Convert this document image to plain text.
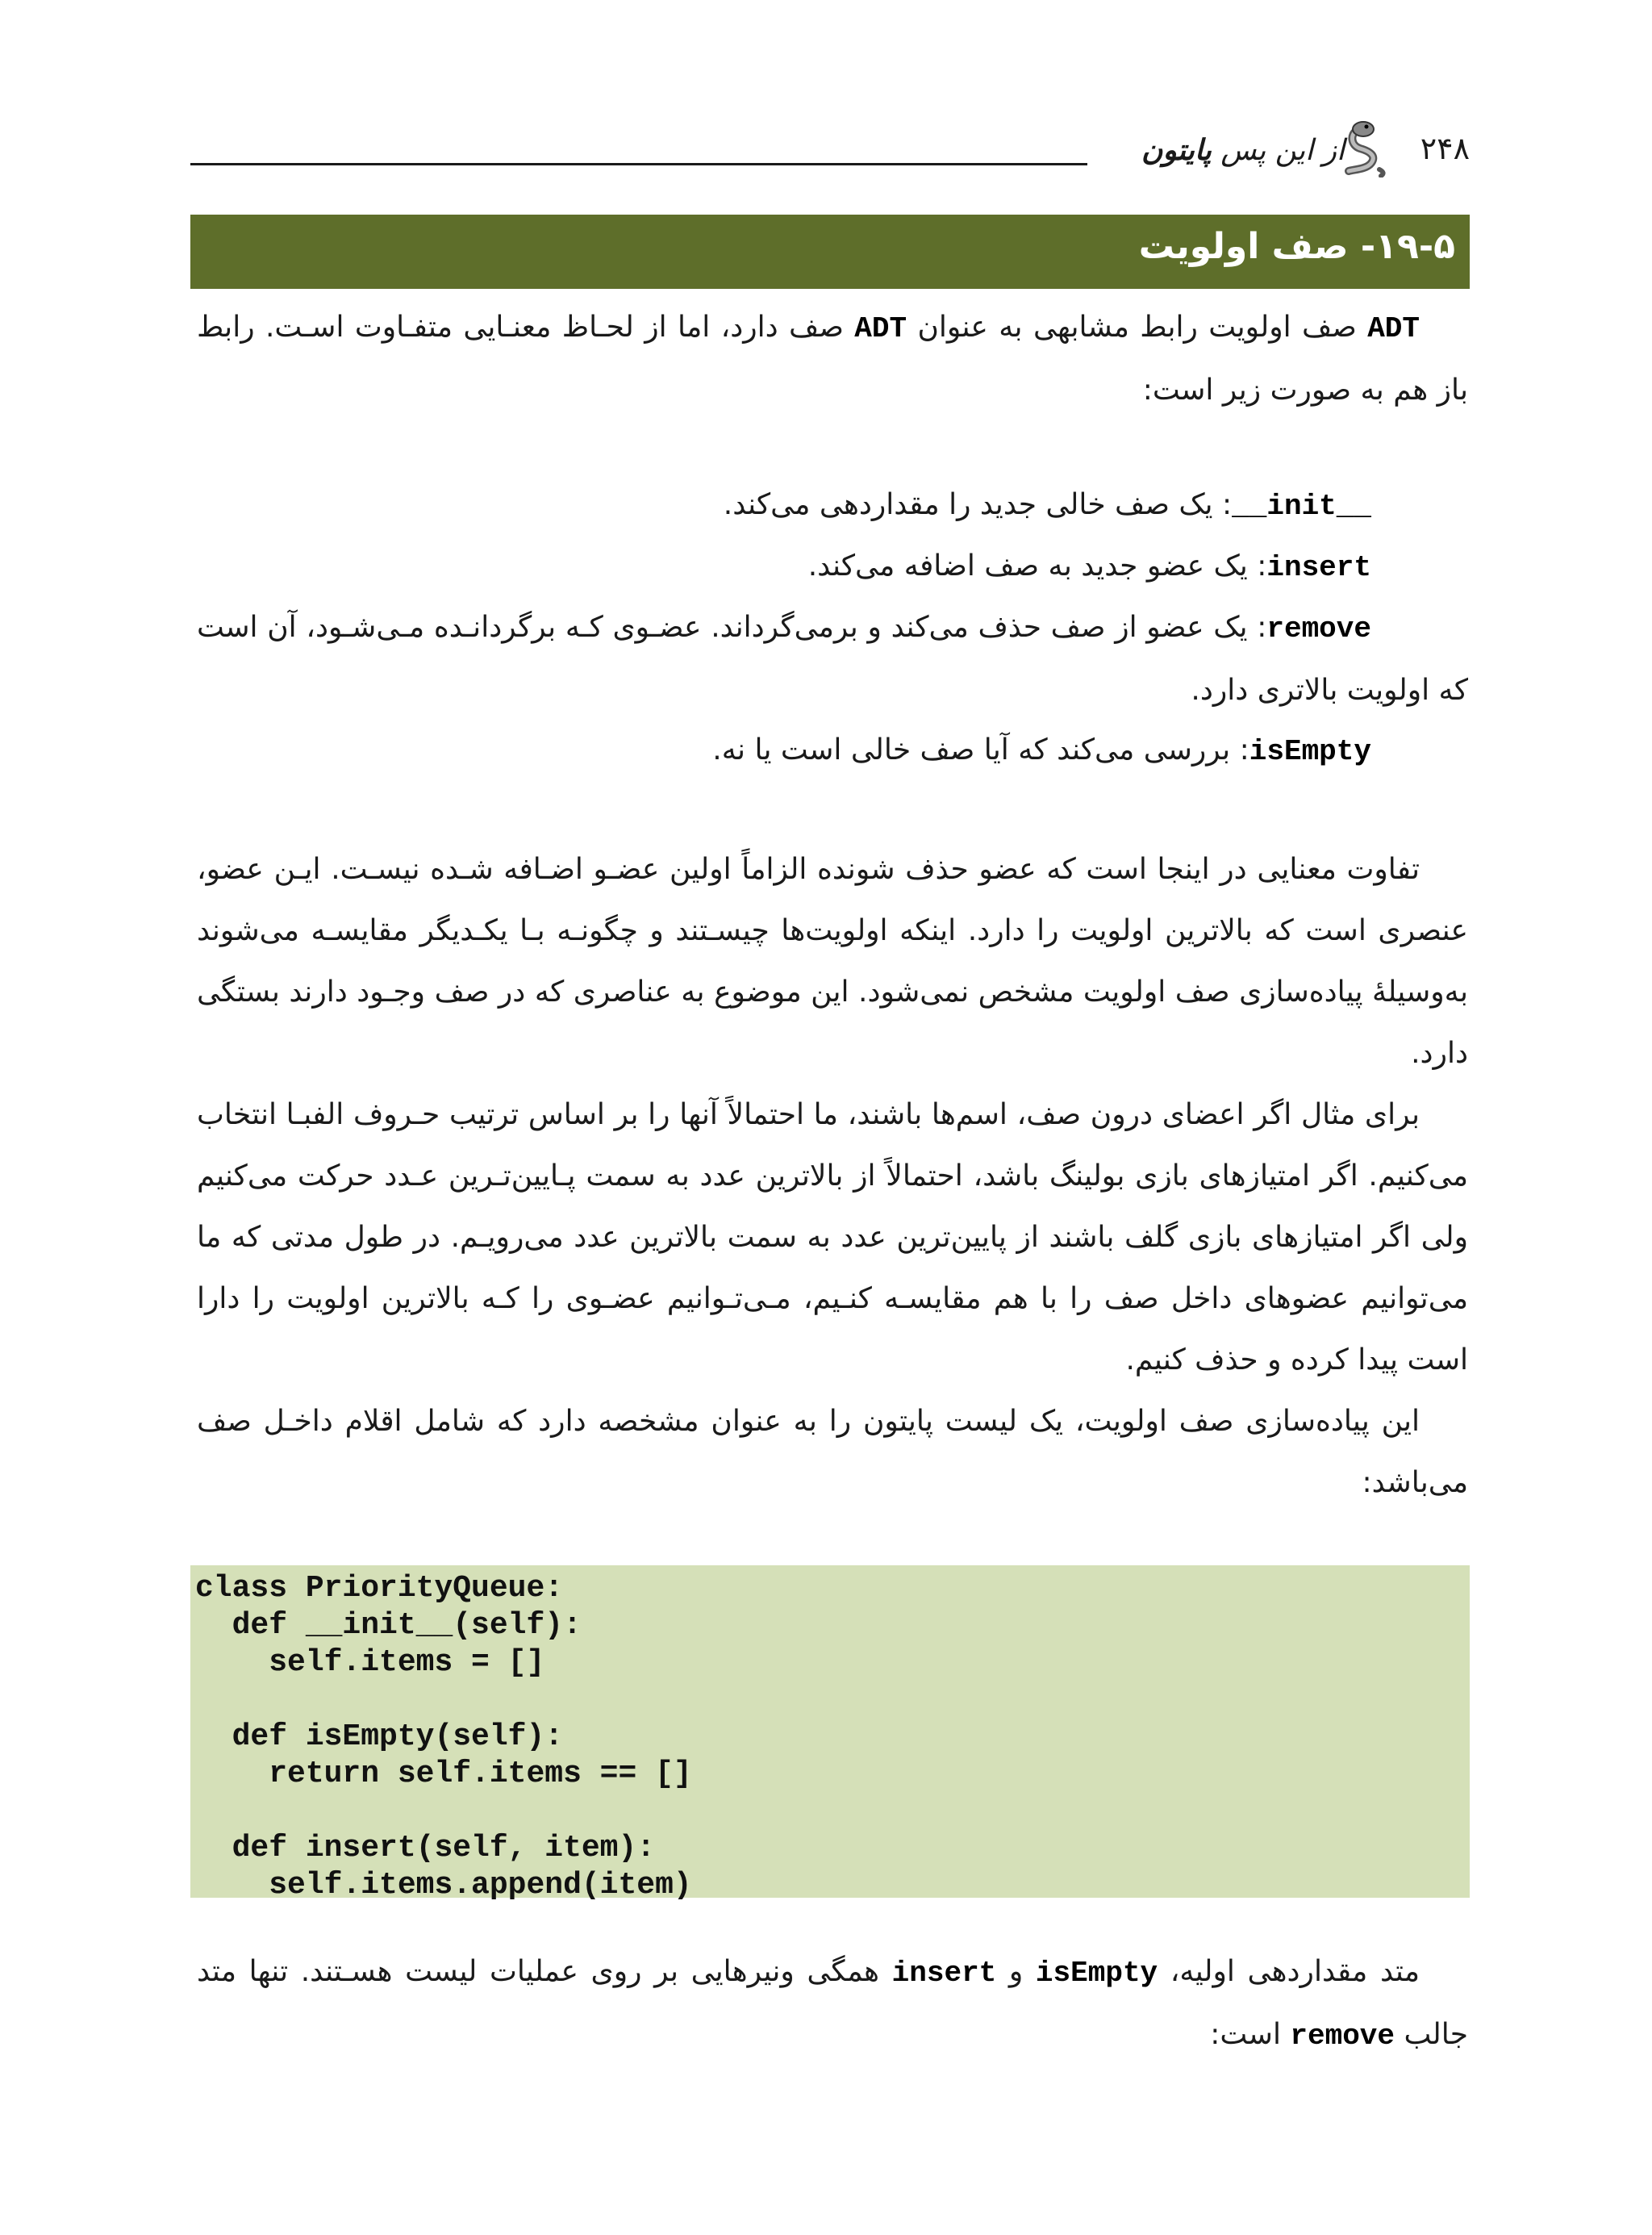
از این پس پایتون	۲۴۸
۱۹-۵- صف اولویت

ADT صف اولویت رابط مشابهی به عنوان ADT صف دارد، اما از لحـاظ معنـایی متفـاوت اسـت. رابط باز هم به صورت زیر است:

__init__: یک صف خالی جدید را مقداردهی می‌کند.

insert: یک عضو جدید به صف اضافه می‌کند.

remove: یک عضو از صف حذف می‌کند و برمی‌گرداند. عضـوی کـه برگردانـده مـی‌شـود، آن است که اولویت بالاتری دارد.

isEmpty: بررسی می‌کند که آیا صف خالی است یا نه.

تفاوت معنایی در اینجا است که عضو حذف شونده الزاماً اولین عضـو اضـافه شـده نیسـت. ایـن عضو، عنصری است که بالاترین اولویت را دارد. اینکه اولویت‌ها چیسـتند و چگونـه بـا یکـدیگر مقایسـه می‌شوند به‌وسیلهٔ پیاده‌سازی صف اولویت مشخص نمی‌شود. این موضوع به عناصری که در صف وجـود دارند بستگی دارد.

برای مثال اگر اعضای درون صف، اسم‌ها باشند، ما احتمالاً آنها را بر اساس ترتیب حـروف الفبـا انتخاب می‌کنیم. اگر امتیازهای بازی بولینگ باشد، احتمالاً از بالاترین عدد به سمت پـایین‌تـرین عـدد حرکت می‌کنیم ولی اگر امتیازهای بازی گلف باشند از پایین‌ترین عدد به سمت بالاترین عدد می‌رویـم. در طول مدتی که ما می‌توانیم عضوهای داخل صف را با هم مقایسـه کنـیم، مـی‌تـوانیم عضـوی را کـه بالاترین اولویت را دارا است پیدا کرده و حذف کنیم.

این پیاده‌سازی صف اولویت، یک لیست پایتون را به عنوان مشخصه دارد که شامل اقلام داخـل صف می‌باشد:

class PriorityQueue:
def __init__(self):
self.items = []

def isEmpty(self):
return self.items == []

def insert(self, item):
self.items.append(item)

متد مقداردهی اولیه، isEmpty و insert همگی ونیرهایی بر روی عملیات لیست هسـتند. تنها متد جالب remove است:
